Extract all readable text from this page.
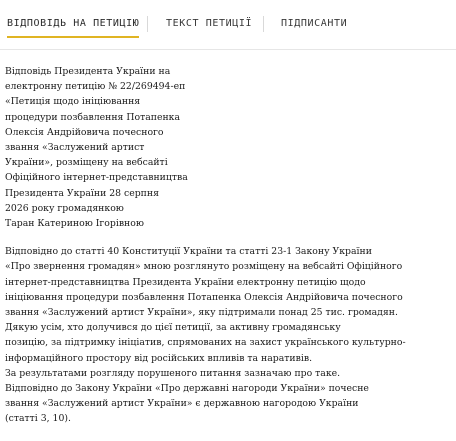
ВІДПОВІДЬ НА ПЕТИЦІЮ	ТЕКСТ ПЕТИЦІЇ	ПІДПИСАНТИ

Відповідь Президента України на
електронну петицію № 22/269494-еп
«Петиція щодо ініціювання
процедури позбавлення Потапенка
Олексія Андрійовича почесного
звання «Заслужений артист
України», розміщену на вебсайті
Офіційного інтернет-представництва
Президента України 28 серпня
2026 року громадянкою
Таран Катериною Ігорівною

Відповідно до статті 40 Конституції України та статті 23-1 Закону України
«Про звернення громадян» мною розглянуто розміщену на вебсайті Офіційного
інтернет-представництва Президента України електронну петицію щодо
ініціювання процедури позбавлення Потапенка Олексія Андрійовича почесного
звання «Заслужений артист України», яку підтримали понад 25 тис. громадян.
Дякую усім, хто долучився до цієї петиції, за активну громадянську
позицію, за підтримку ініціатив, спрямованих на захист українського культурно-
інформаційного простору від російських впливів та наративів.
За результатами розгляду порушеного питання зазначаю про таке.
Відповідно до Закону України «Про державні нагороди України» почесне
звання «Заслужений артист України» є державною нагородою України
(статті 3, 10).
